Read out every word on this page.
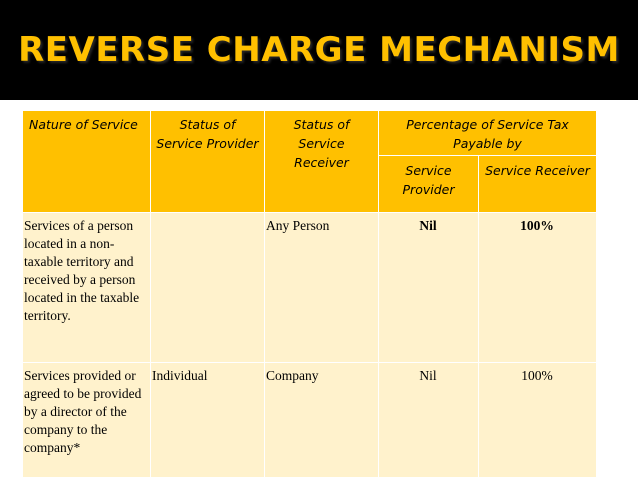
REVERSE CHARGE MECHANISM
Nature of Service	Status of Service Provider	Status of Service Receiver	Percentage of Service Tax Payable by	
			Service Provider	Service Receiver
Services of a person located in a non-taxable territory and received by a person located in the taxable territory.		Any Person	Nil	100%
Services provided or agreed to be provided by a director of the company to the company*	Individual	Company	Nil	100%
